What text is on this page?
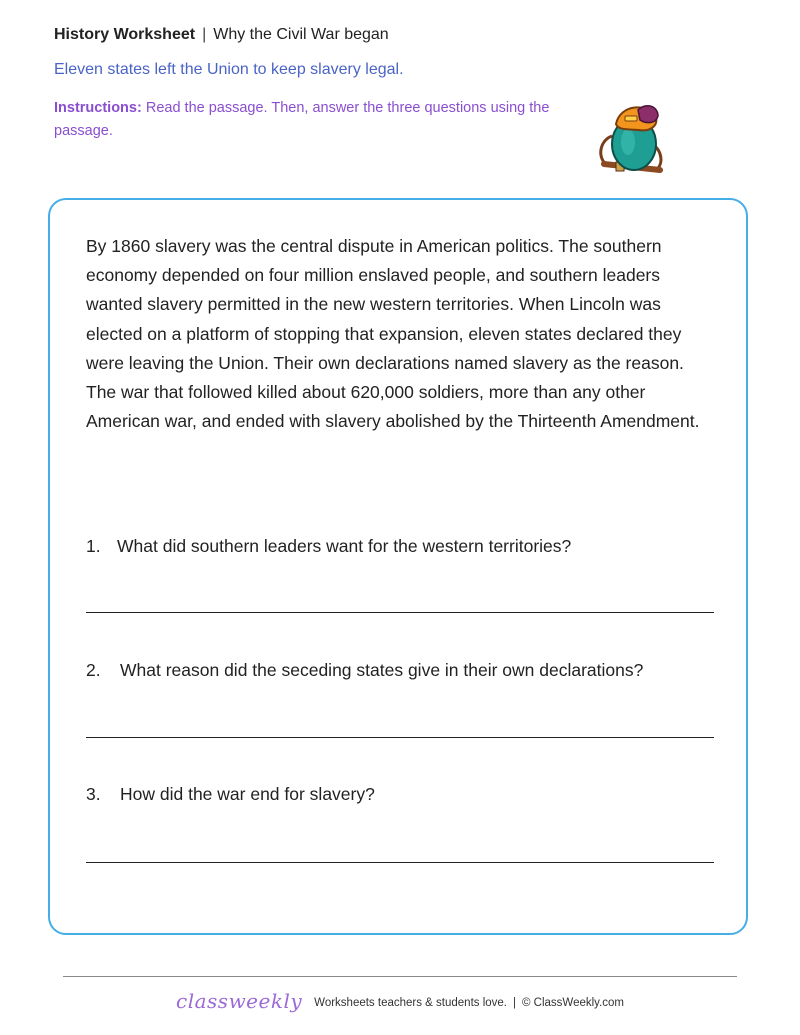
History Worksheet | Why the Civil War began
Eleven states left the Union to keep slavery legal.
Instructions: Read the passage. Then, answer the three questions using the passage.
By 1860 slavery was the central dispute in American politics. The southern economy depended on four million enslaved people, and southern leaders wanted slavery permitted in the new western territories. When Lincoln was elected on a platform of stopping that expansion, eleven states declared they were leaving the Union. Their own declarations named slavery as the reason. The war that followed killed about 620,000 soldiers, more than any other American war, and ended with slavery abolished by the Thirteenth Amendment.
1. What did southern leaders want for the western territories?
2. What reason did the seceding states give in their own declarations?
3. How did the war end for slavery?
classweekly Worksheets teachers & students love. | © ClassWeekly.com
